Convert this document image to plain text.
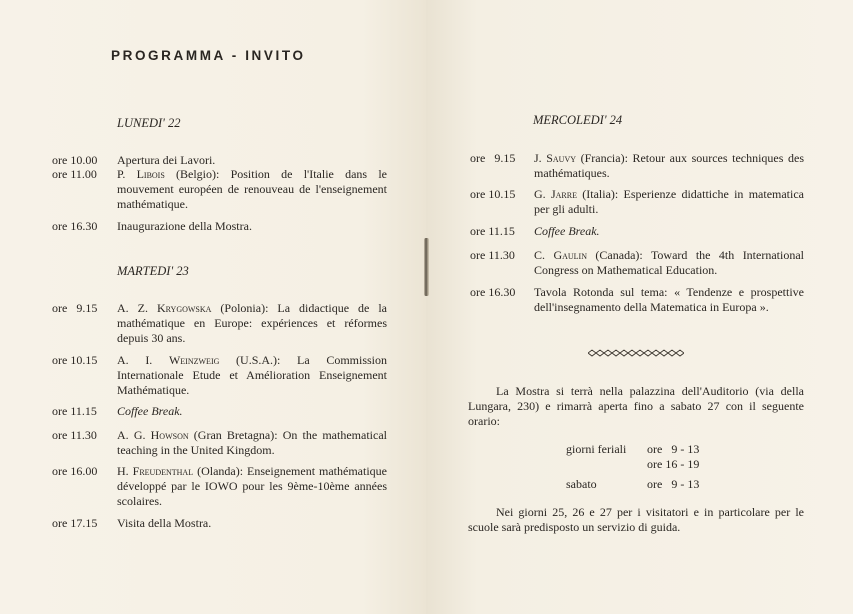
PROGRAMMA - INVITO
LUNEDI' 22
ore 10.00 Apertura dei Lavori.
ore 11.00 P. Libois (Belgio): Position de l'Italie dans le mouvement européen de renouveau de l'enseignement mathématique.
ore 16.30 Inaugurazione della Mostra.
MARTEDI' 23
ore   9.15 A. Z. Krygowska (Polonia): La didactique de la mathématique en Europe: expériences et réformes depuis 30 ans.
ore 10.15 A. I. Weinzweig (U.S.A.): La Commission Internationale Etude et Amélioration Enseignement Mathématique.
ore 11.15 Coffee Break.
ore 11.30 A. G. Howson (Gran Bretagna): On the mathematical teaching in the United Kingdom.
ore 16.00 H. Freudenthal (Olanda): Enseignement mathématique développé par le IOWO pour les 9ème-10ème années scolaires.
ore 17.15 Visita della Mostra.
MERCOLEDI' 24
ore   9.15 J. Sauvy (Francia): Retour aux sources techniques des mathématiques.
ore 10.15 G. Jarre (Italia): Esperienze didattiche in matematica per gli adulti.
ore 11.15 Coffee Break.
ore 11.30 C. Gaulin (Canada): Toward the 4th International Congress on Mathematical Education.
ore 16.30 Tavola Rotonda sul tema: « Tendenze e prospettive dell'insegnamento della Matematica in Europa ».
La Mostra si terrà nella palazzina dell'Auditorio (via della Lungara, 230) e rimarrà aperta fino a sabato 27 con il seguente orario:
giorni feriali ore   9 - 13
ore 16 - 19
sabato	ore   9 - 13
Nei giorni 25, 26 e 27 per i visitatori e in particolare per le scuole sarà predisposto un servizio di guida.
